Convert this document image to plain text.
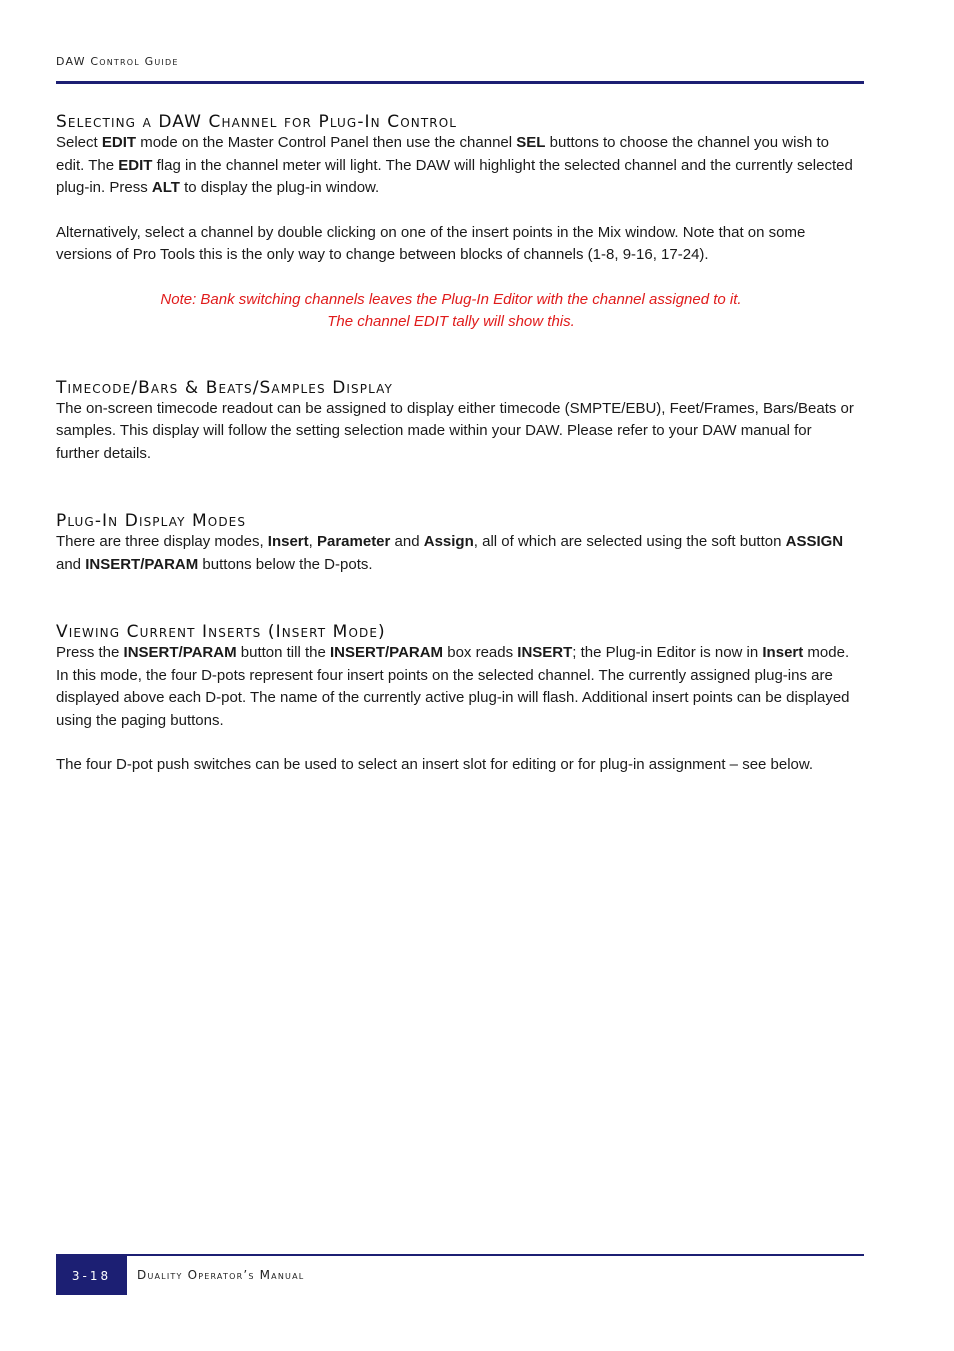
DAW Control Guide
Selecting a DAW Channel for Plug-In Control

Select EDIT mode on the Master Control Panel then use the channel SEL buttons to choose the channel you wish to edit. The EDIT flag in the channel meter will light. The DAW will highlight the selected channel and the currently selected plug-in. Press ALT to display the plug-in window.

Alternatively, select a channel by double clicking on one of the insert points in the Mix window. Note that on some versions of Pro Tools this is the only way to change between blocks of channels (1-8, 9-16, 17-24).

Note: Bank switching channels leaves the Plug-In Editor with the channel assigned to it.

The channel EDIT tally will show this.

Timecode/Bars & Beats/Samples Display

The on-screen timecode readout can be assigned to display either timecode (SMPTE/EBU), Feet/Frames, Bars/Beats or samples. This display will follow the setting selection made within your DAW. Please refer to your DAW manual for further details.

Plug-In Display Modes

There are three display modes, Insert, Parameter and Assign, all of which are selected using the soft button ASSIGN and INSERT/PARAM buttons below the D-pots.

Viewing Current Inserts (Insert Mode)

Press the INSERT/PARAM button till the INSERT/PARAM box reads INSERT; the Plug-in Editor is now in Insert mode. In this mode, the four D-pots represent four insert points on the selected channel. The currently assigned plug-ins are displayed above each D-pot. The name of the currently active plug-in will flash. Additional insert points can be displayed using the paging buttons.

The four D-pot push switches can be used to select an insert slot for editing or for plug-in assignment – see below.

3-18	Duality Operator’s Manual
